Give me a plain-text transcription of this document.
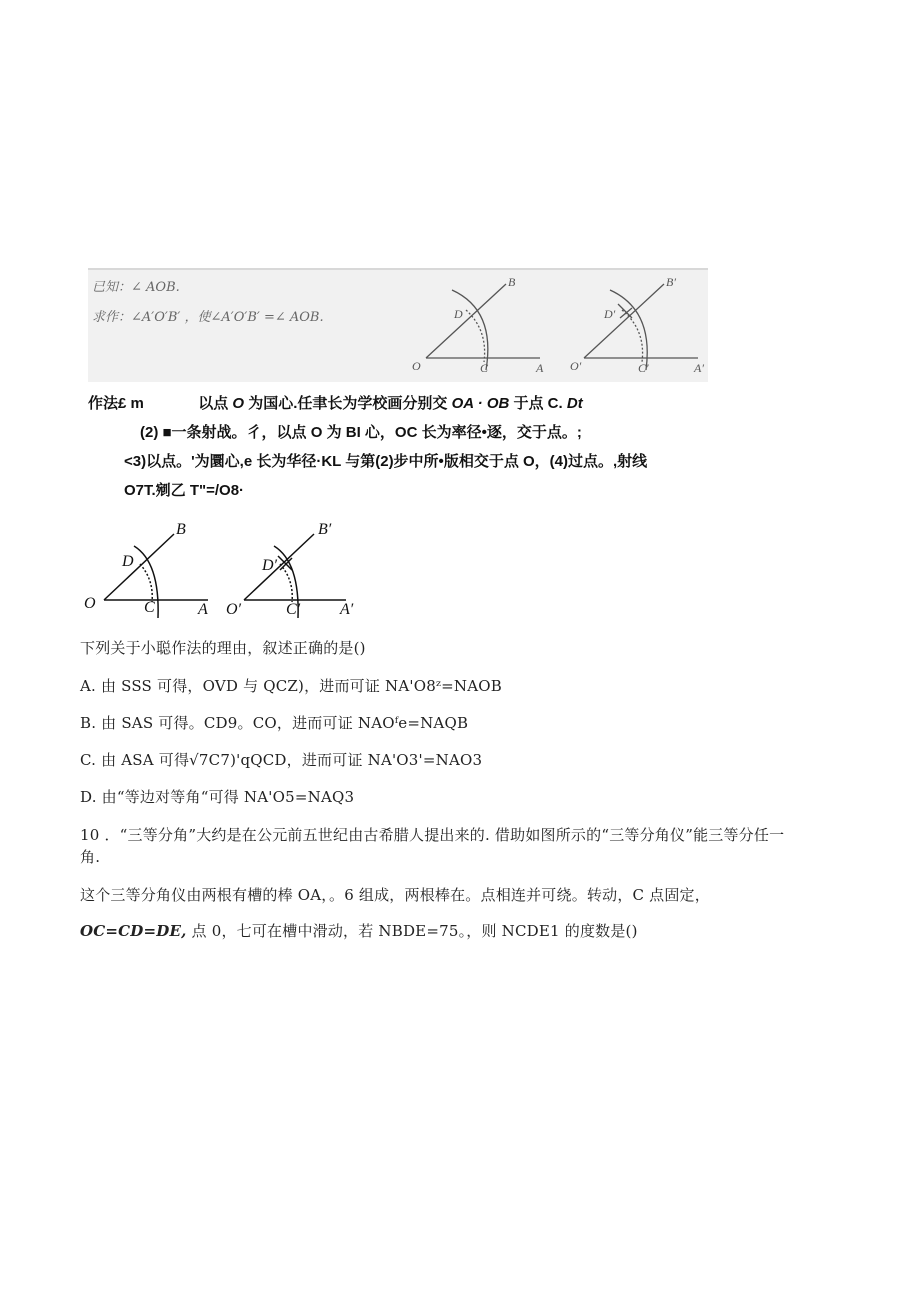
已知：∠ AOB.
求作：∠A′O′B′ ，使∠A′O′B′ =∠ AOB.
B
D
O	C	A
B′
D′
O′	C′	A′
作法£ m	以点 O 为国心.任聿长为学校画分别交 OA · OB 于点 C. Dt
(2) ■一条射战。彳，以点 O 为 BI 心，OC 长为率径•逐，交于点。;
<3)以点。'为圜心,e 长为华径·KL 与第(2)步中所•版相交于点 O，(4)过点。,射线
O7T.剜乙 T"=/O8·
B
D
O	C	A
B′
D′
O′	C′ A′
下列关于小聪作法的理由，叙述正确的是()
A. 由 SSS 可得，OVD 与 QCZ)，进而可证 NA'O8ᶻ=NAOB
B. 由 SAS 可得。CD9。CO，进而可证 NAOᶠe=NAQB
C. 由 ASA 可得√7C7)'qQCD，进而可证 NA'O3'=NAO3
D. 由“等边对等角“可得 NA'O5=NAQ3
10 ．“三等分角”大约是在公元前五世纪由古希腊人提出来的. 借助如图所示的“三等分角仪”能三等分任一
角.
这个三等分角仪由两根有槽的棒 OA，。6 组成，两根棒在。点相连并可绕。转动，C 点固定，
OC=CD=DE, 点 0，七可在槽中滑动，若 NBDE=75。，则 NCDE1 的度数是()
